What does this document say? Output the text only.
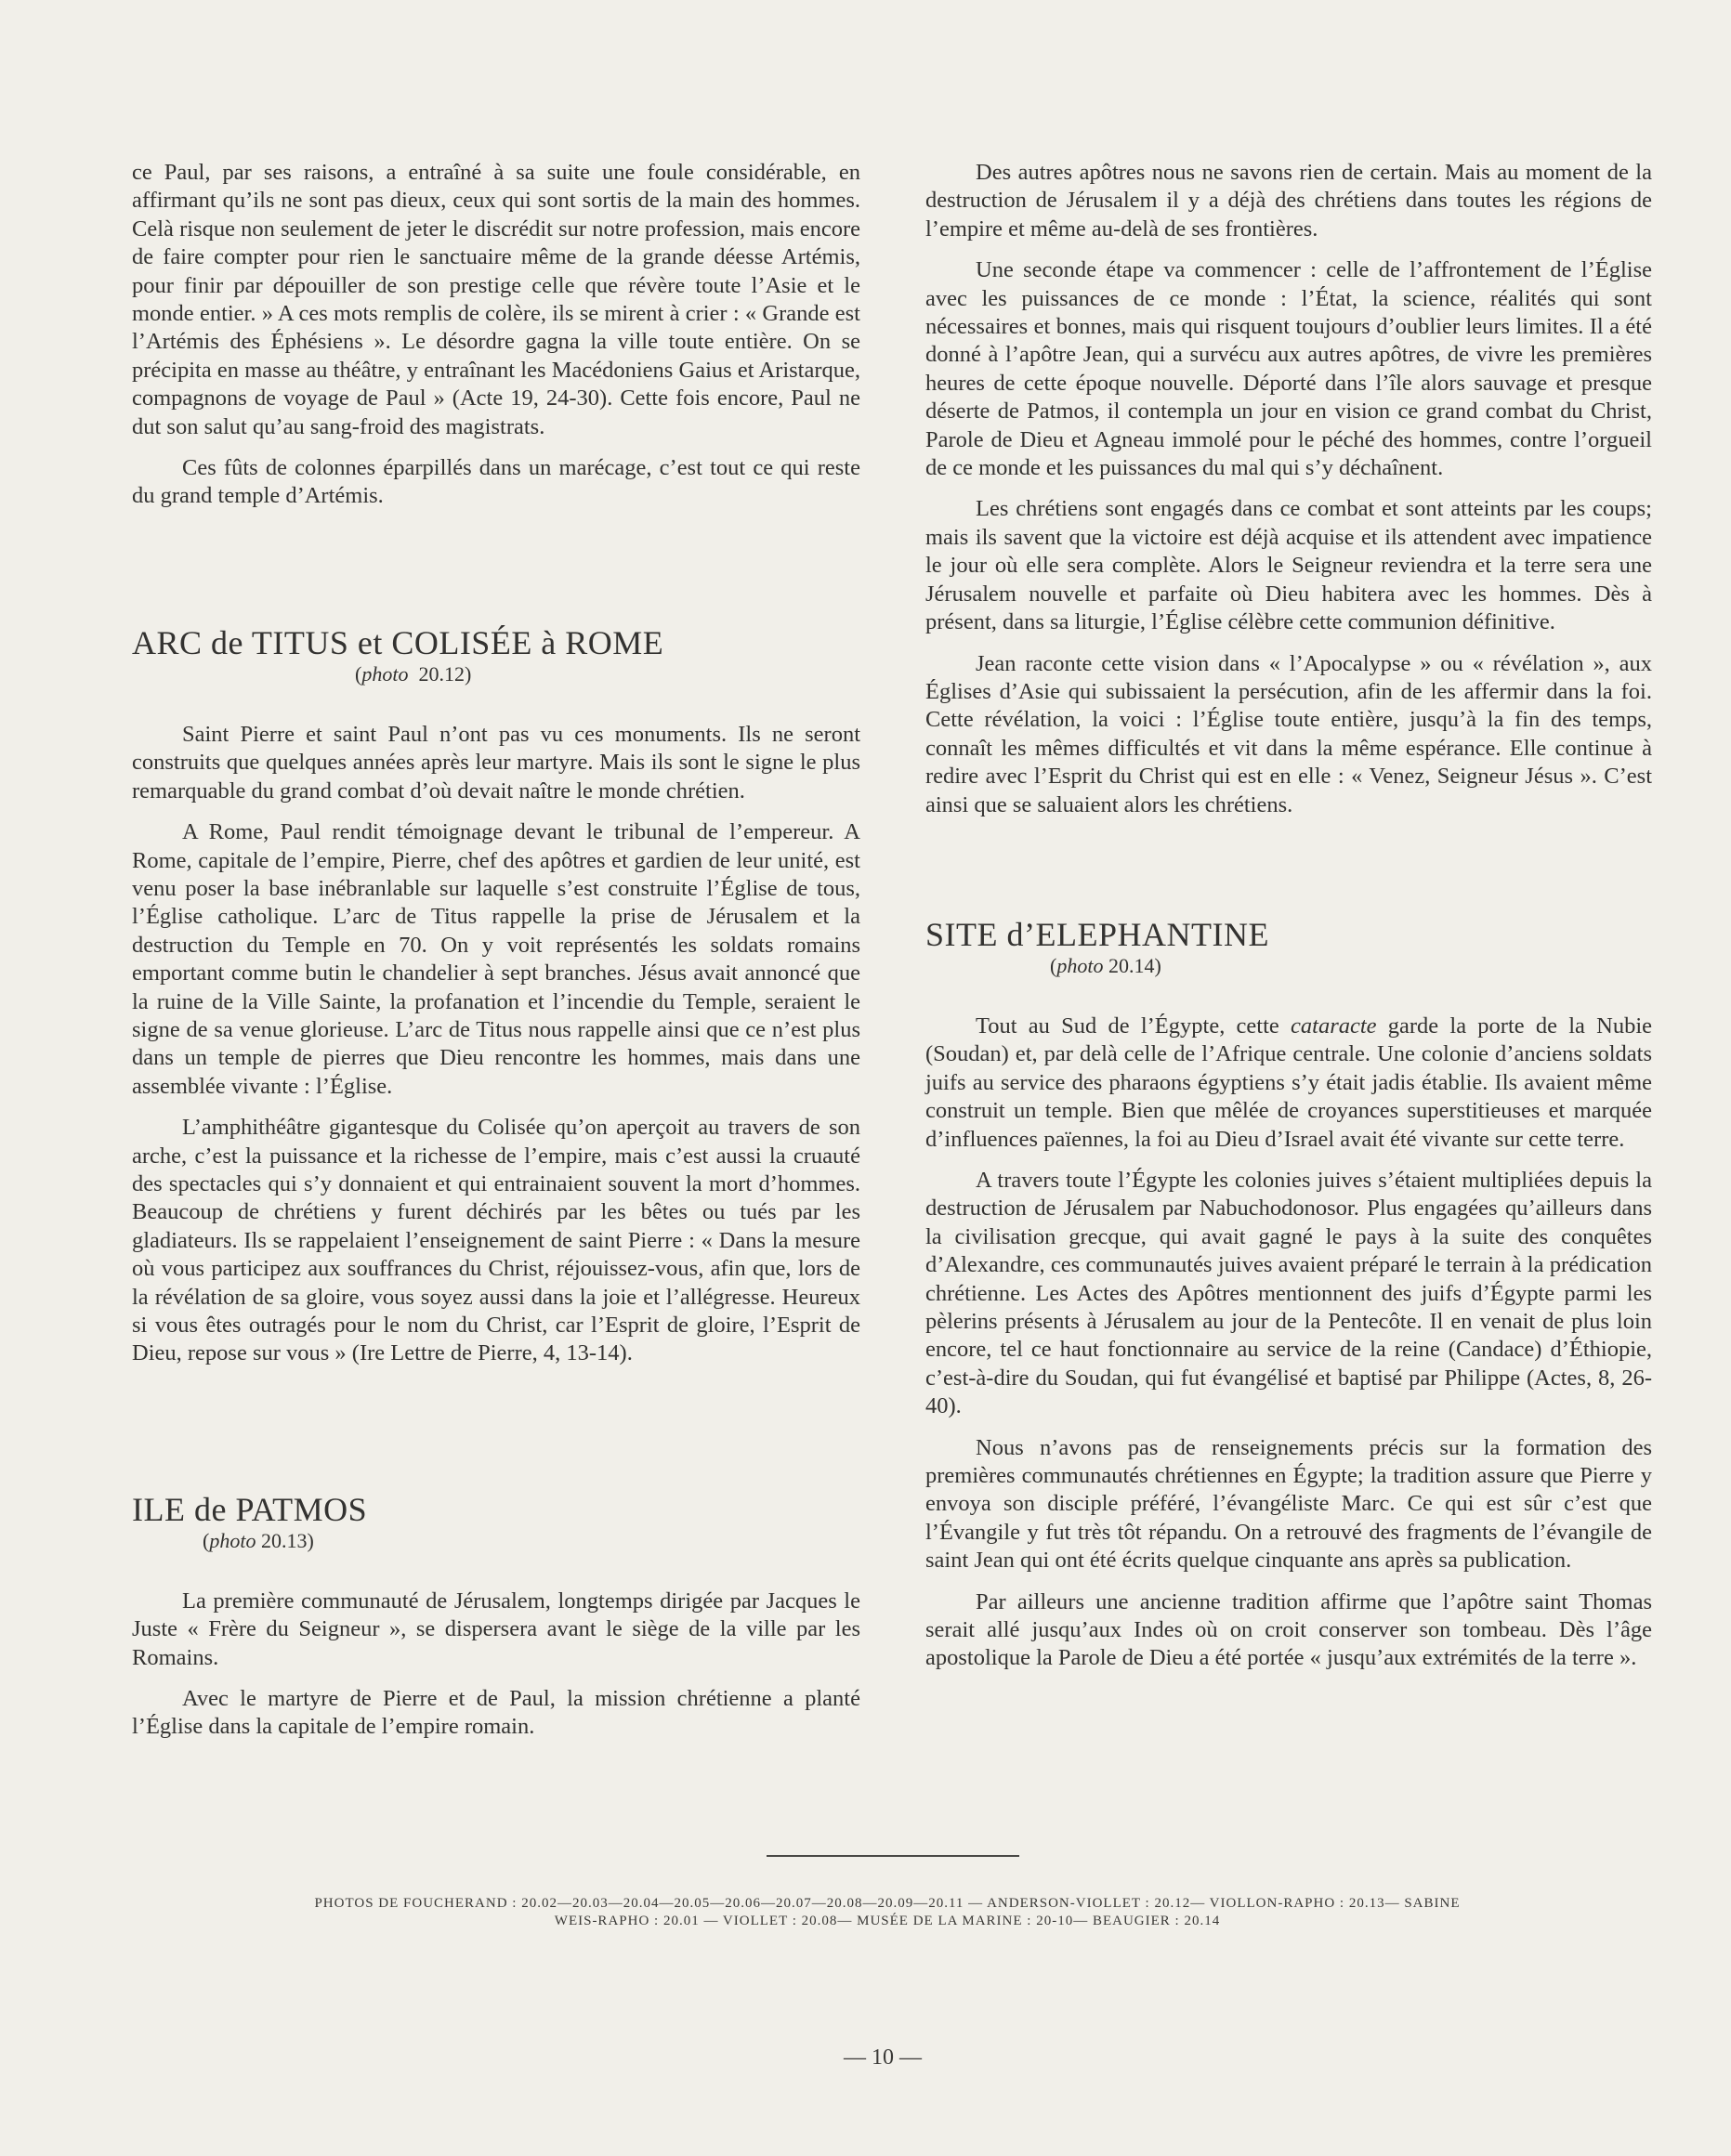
ce Paul, par ses raisons, a entraîné à sa suite une foule considérable, en affirmant qu’ils ne sont pas dieux, ceux qui sont sortis de la main des hommes. Celà risque non seulement de jeter le discrédit sur notre profession, mais encore de faire compter pour rien le sanctuaire même de la grande déesse Artémis, pour finir par dépouiller de son prestige celle que révère toute l’Asie et le monde entier. » A ces mots remplis de colère, ils se mirent à crier : « Grande est l’Artémis des Éphésiens ». Le désordre gagna la ville toute entière. On se précipita en masse au théâtre, y entraînant les Macédoniens Gaius et Aristarque, compagnons de voyage de Paul » (Acte 19, 24-30). Cette fois encore, Paul ne dut son salut qu’au sang-froid des magistrats.

Ces fûts de colonnes éparpillés dans un marécage, c’est tout ce qui reste du grand temple d’Artémis.

ARC de TITUS et COLISÉE à ROME
(photo 20.12)

Saint Pierre et saint Paul n’ont pas vu ces monuments. Ils ne seront construits que quelques années après leur martyre. Mais ils sont le signe le plus remarquable du grand combat d’où devait naître le monde chrétien.

A Rome, Paul rendit témoignage devant le tribunal de l’empereur. A Rome, capitale de l’empire, Pierre, chef des apôtres et gardien de leur unité, est venu poser la base inébranlable sur laquelle s’est construite l’Église de tous, l’Église catholique. L’arc de Titus rappelle la prise de Jérusalem et la destruction du Temple en 70. On y voit représentés les soldats romains emportant comme butin le chandelier à sept branches. Jésus avait annoncé que la ruine de la Ville Sainte, la profanation et l’incendie du Temple, seraient le signe de sa venue glorieuse. L’arc de Titus nous rappelle ainsi que ce n’est plus dans un temple de pierres que Dieu rencontre les hommes, mais dans une assemblée vivante : l’Église.

L’amphithéâtre gigantesque du Colisée qu’on aperçoit au travers de son arche, c’est la puissance et la richesse de l’empire, mais c’est aussi la cruauté des spectacles qui s’y donnaient et qui entrainaient souvent la mort d’hommes. Beaucoup de chrétiens y furent déchirés par les bêtes ou tués par les gladiateurs. Ils se rappelaient l’enseignement de saint Pierre : « Dans la mesure où vous participez aux souffrances du Christ, réjouissez-vous, afin que, lors de la révélation de sa gloire, vous soyez aussi dans la joie et l’allégresse. Heureux si vous êtes outragés pour le nom du Christ, car l’Esprit de gloire, l’Esprit de Dieu, repose sur vous » (Ire Lettre de Pierre, 4, 13-14).

ILE de PATMOS
(photo 20.13)

La première communauté de Jérusalem, longtemps dirigée par Jacques le Juste « Frère du Seigneur », se dispersera avant le siège de la ville par les Romains.

Avec le martyre de Pierre et de Paul, la mission chrétienne a planté l’Église dans la capitale de l’empire romain.

Des autres apôtres nous ne savons rien de certain. Mais au moment de la destruction de Jérusalem il y a déjà des chrétiens dans toutes les régions de l’empire et même au-delà de ses frontières.

Une seconde étape va commencer : celle de l’affrontement de l’Église avec les puissances de ce monde : l’État, la science, réalités qui sont nécessaires et bonnes, mais qui risquent toujours d’oublier leurs limites. Il a été donné à l’apôtre Jean, qui a survécu aux autres apôtres, de vivre les premières heures de cette époque nouvelle. Déporté dans l’île alors sauvage et presque déserte de Patmos, il contempla un jour en vision ce grand combat du Christ, Parole de Dieu et Agneau immolé pour le péché des hommes, contre l’orgueil de ce monde et les puissances du mal qui s’y déchaînent.

Les chrétiens sont engagés dans ce combat et sont atteints par les coups; mais ils savent que la victoire est déjà acquise et ils attendent avec impatience le jour où elle sera complète. Alors le Seigneur reviendra et la terre sera une Jérusalem nouvelle et parfaite où Dieu habitera avec les hommes. Dès à présent, dans sa liturgie, l’Église célèbre cette communion définitive.

Jean raconte cette vision dans « l’Apocalypse » ou « révélation », aux Églises d’Asie qui subissaient la persécution, afin de les affermir dans la foi. Cette révélation, la voici : l’Église toute entière, jusqu’à la fin des temps, connaît les mêmes difficultés et vit dans la même espérance. Elle continue à redire avec l’Esprit du Christ qui est en elle : « Venez, Seigneur Jésus ». C’est ainsi que se saluaient alors les chrétiens.

SITE d’ELEPHANTINE
(photo 20.14)

Tout au Sud de l’Égypte, cette cataracte garde la porte de la Nubie (Soudan) et, par delà celle de l’Afrique centrale. Une colonie d’anciens soldats juifs au service des pharaons égyptiens s’y était jadis établie. Ils avaient même construit un temple. Bien que mêlée de croyances superstitieuses et marquée d’influences païennes, la foi au Dieu d’Israel avait été vivante sur cette terre.

A travers toute l’Égypte les colonies juives s’étaient multipliées depuis la destruction de Jérusalem par Nabuchodonosor. Plus engagées qu’ailleurs dans la civilisation grecque, qui avait gagné le pays à la suite des conquêtes d’Alexandre, ces communautés juives avaient préparé le terrain à la prédication chrétienne. Les Actes des Apôtres mentionnent des juifs d’Égypte parmi les pèlerins présents à Jérusalem au jour de la Pentecôte. Il en venait de plus loin encore, tel ce haut fonctionnaire au service de la reine (Candace) d’Éthiopie, c’est-à-dire du Soudan, qui fut évangélisé et baptisé par Philippe (Actes, 8, 26-40).

Nous n’avons pas de renseignements précis sur la formation des premières communautés chrétiennes en Égypte; la tradition assure que Pierre y envoya son disciple préféré, l’évangéliste Marc. Ce qui est sûr c’est que l’Évangile y fut très tôt répandu. On a retrouvé des fragments de l’évangile de saint Jean qui ont été écrits quelque cinquante ans après sa publication.

Par ailleurs une ancienne tradition affirme que l’apôtre saint Thomas serait allé jusqu’aux Indes où on croit conserver son tombeau. Dès l’âge apostolique la Parole de Dieu a été portée « jusqu’aux extrémités de la terre ».

PHOTOS DE FOUCHERAND : 20.02—20.03—20.04—20.05—20.06—20.07—20.08—20.09—20.11 — ANDERSON-VIOLLET : 20.12— VIOLLON-RAPHO : 20.13— SABINE
WEIS-RAPHO : 20.01 — VIOLLET : 20.08— MUSÉE DE LA MARINE : 20-10— BEAUGIER : 20.14
— 10 —
